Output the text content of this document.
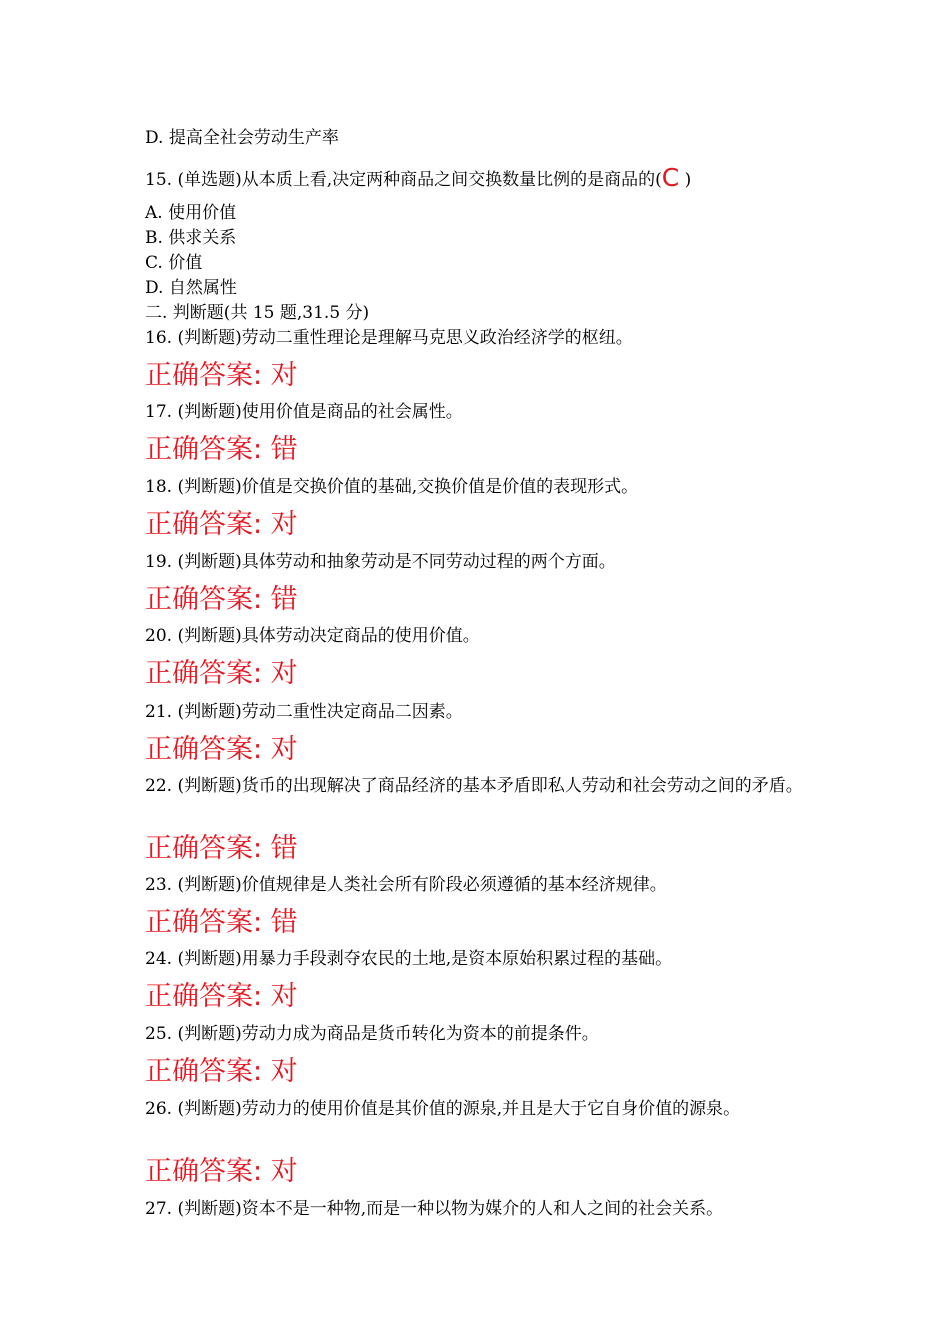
D. 提高全社会劳动生产率
15. (单选题)从本质上看,决定两种商品之间交换数量比例的是商品的(C )
A. 使用价值
B. 供求关系
C. 价值
D. 自然属性
二. 判断题(共 15 题,31.5 分)
16. (判断题)劳动二重性理论是理解马克思义政治经济学的枢纽。
正确答案: 对
17. (判断题)使用价值是商品的社会属性。
正确答案: 错
18. (判断题)价值是交换价值的基础,交换价值是价值的表现形式。
正确答案: 对
19. (判断题)具体劳动和抽象劳动是不同劳动过程的两个方面。
正确答案: 错
20. (判断题)具体劳动决定商品的使用价值。
正确答案: 对
21. (判断题)劳动二重性决定商品二因素。
正确答案: 对
22. (判断题)货币的出现解决了商品经济的基本矛盾即私人劳动和社会劳动之间的矛盾。
正确答案: 错
23. (判断题)价值规律是人类社会所有阶段必须遵循的基本经济规律。
正确答案: 错
24. (判断题)用暴力手段剥夺农民的土地,是资本原始积累过程的基础。
正确答案: 对
25. (判断题)劳动力成为商品是货币转化为资本的前提条件。
正确答案: 对
26. (判断题)劳动力的使用价值是其价值的源泉,并且是大于它自身价值的源泉。
正确答案: 对
27. (判断题)资本不是一种物,而是一种以物为媒介的人和人之间的社会关系。
